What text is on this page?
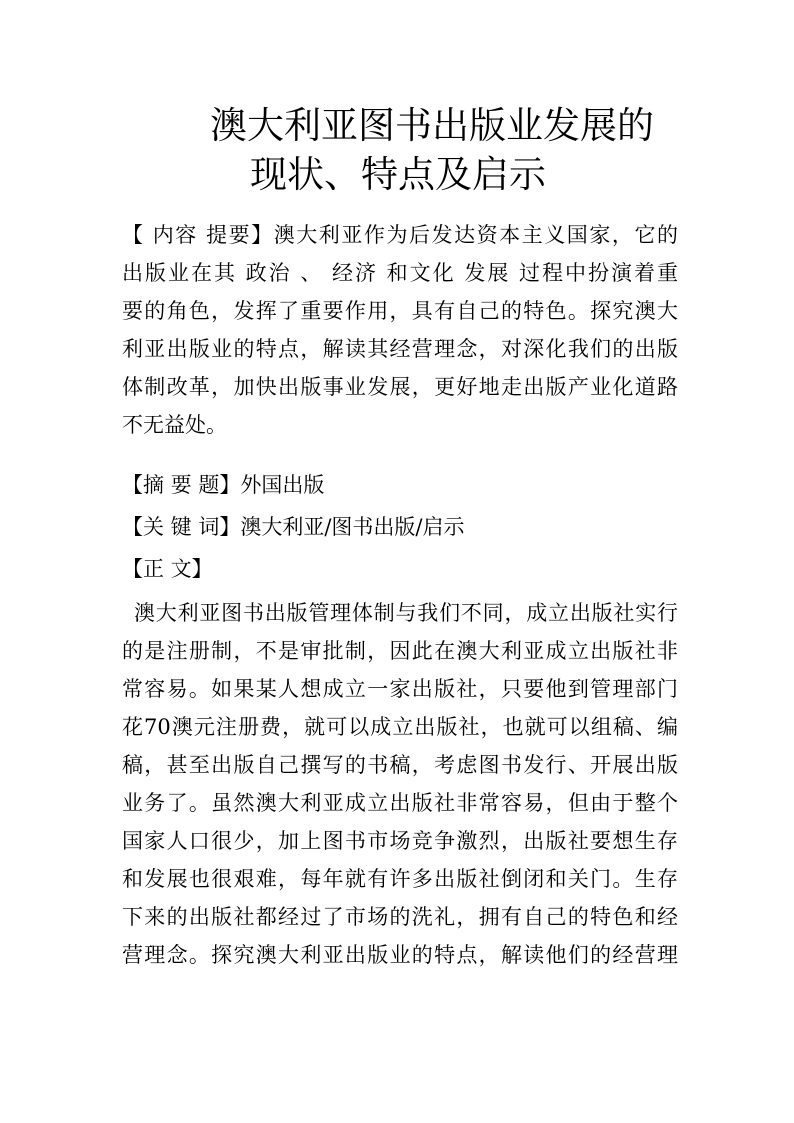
澳大利亚图书出版业发展的
现状、特点及启示
【 内容 提要】澳大利亚作为后发达资本主义国家，它的
出版业在其 政治 、 经济 和文化 发展 过程中扮演着重
要的角色，发挥了重要作用，具有自己的特色。探究澳大
利亚出版业的特点，解读其经营理念，对深化我们的出版
体制改革，加快出版事业发展，更好地走出版产业化道路
不无益处。

【摘 要 题】外国出版

【关 键 词】澳大利亚/图书出版/启示

【正 文】

澳大利亚图书出版管理体制与我们不同，成立出版社实行
的是注册制，不是审批制，因此在澳大利亚成立出版社非
常容易。如果某人想成立一家出版社，只要他到管理部门
花70澳元注册费，就可以成立出版社，也就可以组稿、编
稿，甚至出版自己撰写的书稿，考虑图书发行、开展出版
业务了。虽然澳大利亚成立出版社非常容易，但由于整个
国家人口很少，加上图书市场竞争激烈，出版社要想生存
和发展也很艰难，每年就有许多出版社倒闭和关门。生存
下来的出版社都经过了市场的洗礼，拥有自己的特色和经
营理念。探究澳大利亚出版业的特点，解读他们的经营理
